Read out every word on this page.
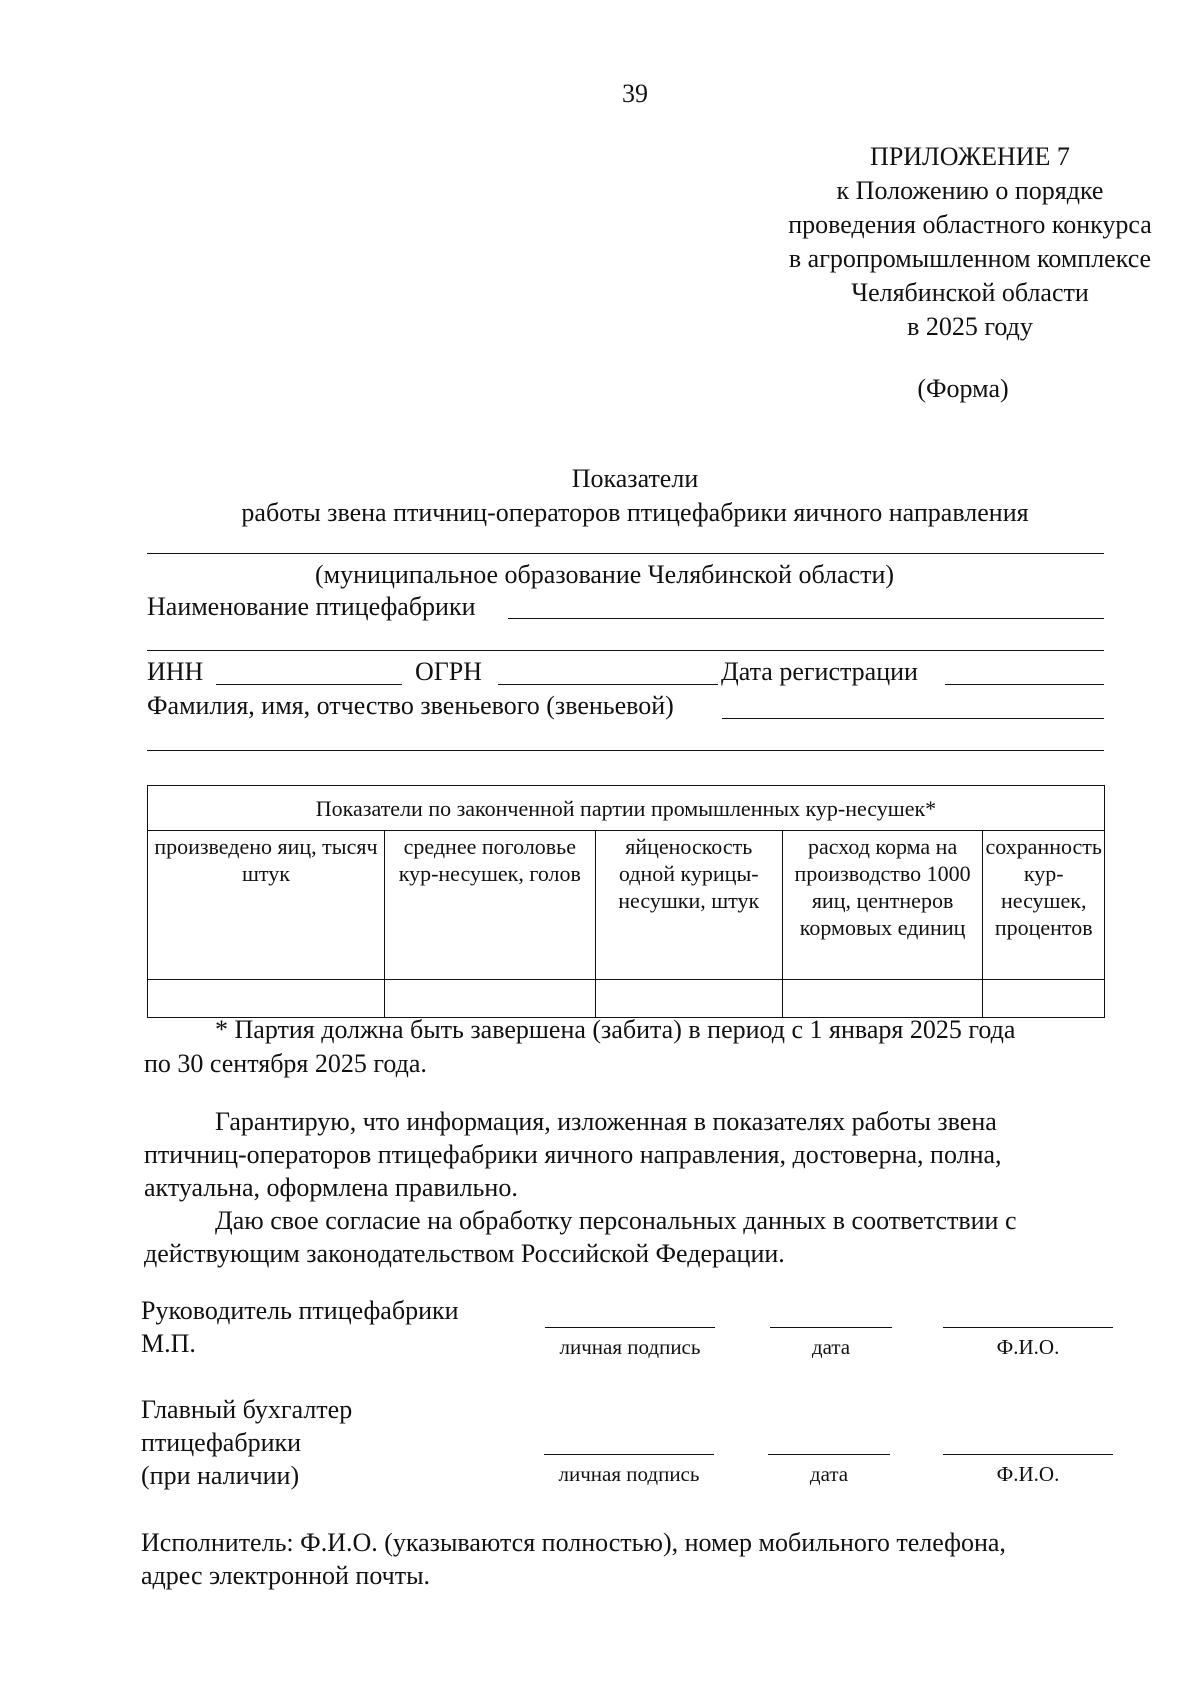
39
ПРИЛОЖЕНИЕ 7
к Положению о порядке
проведения областного конкурса
в агропромышленном комплексе
Челябинской области
в 2025 году
(Форма)
Показатели
работы звена птичниц-операторов птицефабрики яичного направления
(муниципальное образование Челябинской области)
Наименование птицефабрики
ИНН	ОГРН	Дата регистрации
Фамилия, имя, отчество звеньевого (звеньевой)
Показатели по законченной партии промышленных кур-несушек*				
произведено яиц, тысяч штук	среднее поголовье кур-несушек, голов	яйценоскость одной курицы-несушки, штук	расход корма на производство 1000 яиц, центнеров кормовых единиц	сохранность кур-несушек, процентов

* Партия должна быть завершена (забита) в период с 1 января 2025 года
по 30 сентября 2025 года.
Гарантирую, что информация, изложенная в показателях работы звена
птичниц-операторов птицефабрики яичного направления, достоверна, полна,
актуальна, оформлена правильно.
Даю свое согласие на обработку персональных данных в соответствии с
действующим законодательством Российской Федерации.
Руководитель птицефабрики
М.П.	личная подпись	дата	Ф.И.О.
Главный бухгалтер
птицефабрики
(при наличии)	личная подпись	дата	Ф.И.О.
Исполнитель: Ф.И.О. (указываются полностью), номер мобильного телефона,
адрес электронной почты.
